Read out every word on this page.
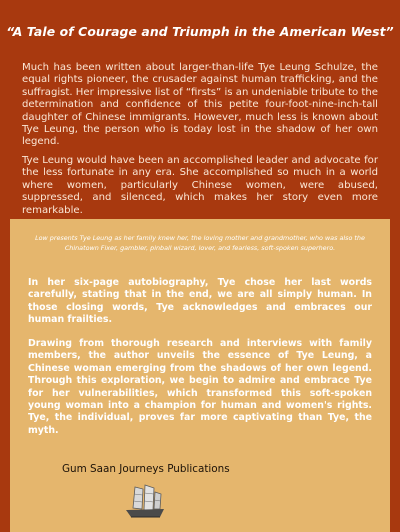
“A Tale of Courage and Triumph in the American West”

Much has been written about larger-than-life Tye Leung Schulze, the equal rights pioneer, the crusader against human trafficking, and the suffragist. Her impressive list of “firsts” is an undeniable tribute to the determination and confidence of this petite four-foot-nine-inch-tall daughter of Chinese immigrants. However, much less is known about Tye Leung, the person who is today lost in the shadow of her own legend.

Tye Leung would have been an accomplished leader and advocate for the less fortunate in any era. She accomplished so much in a world where women, particularly Chinese women, were abused, suppressed, and silenced, which makes her story even more remarkable.

Low presents Tye Leung as her family knew her, the loving mother and grandmother, who was also the Chinatown Fixer, gambler, pinball wizard, lover, and fearless, soft-spoken superhero.

In her six-page autobiography, Tye chose her last words carefully, stating that in the end, we are all simply human. In those closing words, Tye acknowledges and embraces our human frailties.

Drawing from thorough research and interviews with family members, the author unveils the essence of Tye Leung, a Chinese woman emerging from the shadows of her own legend. Through this exploration, we begin to admire and embrace Tye for her vulnerabilities, which transformed this soft-spoken young woman into a champion for human and women's rights. Tye, the individual, proves far more captivating than Tye, the myth.

Gum Saan Journeys Publications
